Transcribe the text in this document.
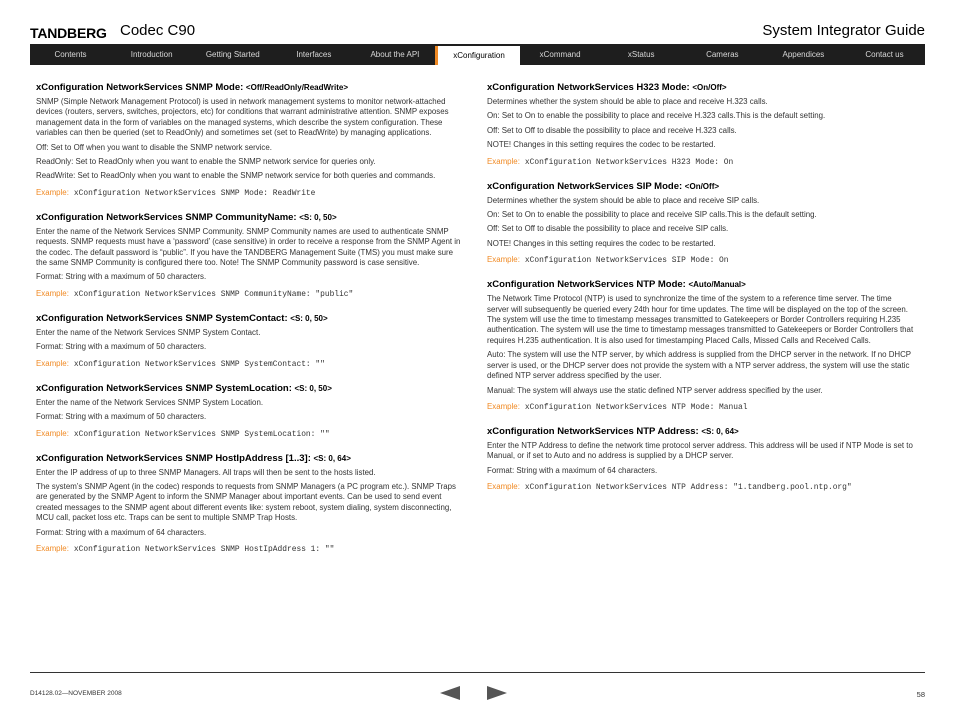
TANDBERG Codec C90	System Integrator Guide
Contents	Introduction	Getting Started	Interfaces	About the API	xConfiguration	xCommand	xStatus	Cameras	Appendices	Contact us
xConfiguration NetworkServices SNMP Mode: <Off/ReadOnly/ReadWrite>

SNMP (Simple Network Management Protocol) is used in network management systems to monitor network-attached devices (routers, servers, switches, projectors, etc) for conditions that warrant administrative attention. SNMP exposes management data in the form of variables on the managed systems, which describe the system configuration. These variables can then be queried (set to ReadOnly) and sometimes set (set to ReadWrite) by managing applications.

Off: Set to Off when you want to disable the SNMP network service.

ReadOnly: Set to ReadOnly when you want to enable the SNMP network service for queries only.

ReadWrite: Set to ReadOnly when you want to enable the SNMP network service for both queries and commands.

Example: xConfiguration NetworkServices SNMP Mode: ReadWrite
xConfiguration NetworkServices SNMP CommunityName: <S: 0, 50>

Enter the name of the Network Services SNMP Community. SNMP Community names are used to authenticate SNMP requests. SNMP requests must have a ‘password’ (case sensitive) in order to receive a response from the SNMP Agent in the codec. The default password is “public”. If you have the TANDBERG Management Suite (TMS) you must make sure the same SNMP Community is configured there too. Note! The SNMP Community password is case sensitive.

Format: String with a maximum of 50 characters.

Example: xConfiguration NetworkServices SNMP CommunityName: "public"
xConfiguration NetworkServices SNMP SystemContact: <S: 0, 50>

Enter the name of the Network Services SNMP System Contact.

Format: String with a maximum of 50 characters.

Example: xConfiguration NetworkServices SNMP SystemContact: ""
xConfiguration NetworkServices SNMP SystemLocation: <S: 0, 50>

Enter the name of the Network Services SNMP System Location.

Format: String with a maximum of 50 characters.

Example: xConfiguration NetworkServices SNMP SystemLocation: ""
xConfiguration NetworkServices SNMP HostIpAddress [1..3]: <S: 0, 64>

Enter the IP address of up to three SNMP Managers. All traps will then be sent to the hosts listed.

The system’s SNMP Agent (in the codec) responds to requests from SNMP Managers (a PC program etc.). SNMP Traps are generated by the SNMP Agent to inform the SNMP Manager about important events. Can be used to send event created messages to the SNMP agent about different events like: system reboot, system dialing, system disconnecting, MCU call, packet loss etc. Traps can be sent to multiple SNMP Trap Hosts.

Format: String with a maximum of 64 characters.

Example: xConfiguration NetworkServices SNMP HostIpAddress 1: ""
xConfiguration NetworkServices H323 Mode: <On/Off>

Determines whether the system should be able to place and receive H.323 calls.

On: Set to On to enable the possibility to place and receive H.323 calls.This is the default setting.

Off: Set to Off to disable the possibility to place and receive H.323 calls.

NOTE! Changes in this setting requires the codec to be restarted.

Example: xConfiguration NetworkServices H323 Mode: On
xConfiguration NetworkServices SIP Mode: <On/Off>

Determines whether the system should be able to place and receive SIP calls.

On: Set to On to enable the possibility to place and receive SIP calls.This is the default setting.

Off: Set to Off to disable the possibility to place and receive SIP calls.

NOTE! Changes in this setting requires the codec to be restarted.

Example: xConfiguration NetworkServices SIP Mode: On
xConfiguration NetworkServices NTP Mode: <Auto/Manual>

The Network Time Protocol (NTP) is used to synchronize the time of the system to a reference time server. The time server will subsequently be queried every 24th hour for time updates. The time will be displayed on the top of the screen. The system will use the time to timestamp messages transmitted to Gatekeepers or Border Controllers requiring H.235 authentication. The system will use the time to timestamp messages transmitted to Gatekeepers or Border Controllers that requires H.235 authentication. It is also used for timestamping Placed Calls, Missed Calls and Received Calls.

Auto: The system will use the NTP server, by which address is supplied from the DHCP server in the network. If no DHCP server is used, or the DHCP server does not provide the system with a NTP server address, the system will use the static defined NTP server address specified by the user.

Manual: The system will always use the static defined NTP server address specified by the user.

Example: xConfiguration NetworkServices NTP Mode: Manual
xConfiguration NetworkServices NTP Address: <S: 0, 64>

Enter the NTP Address to define the network time protocol server address. This address will be used if NTP Mode is set to Manual, or if set to Auto and no address is supplied by a DHCP server.

Format: String with a maximum of 64 characters.

Example: xConfiguration NetworkServices NTP Address: "1.tandberg.pool.ntp.org"
D14128.02—NOVEMBER 2008	58
